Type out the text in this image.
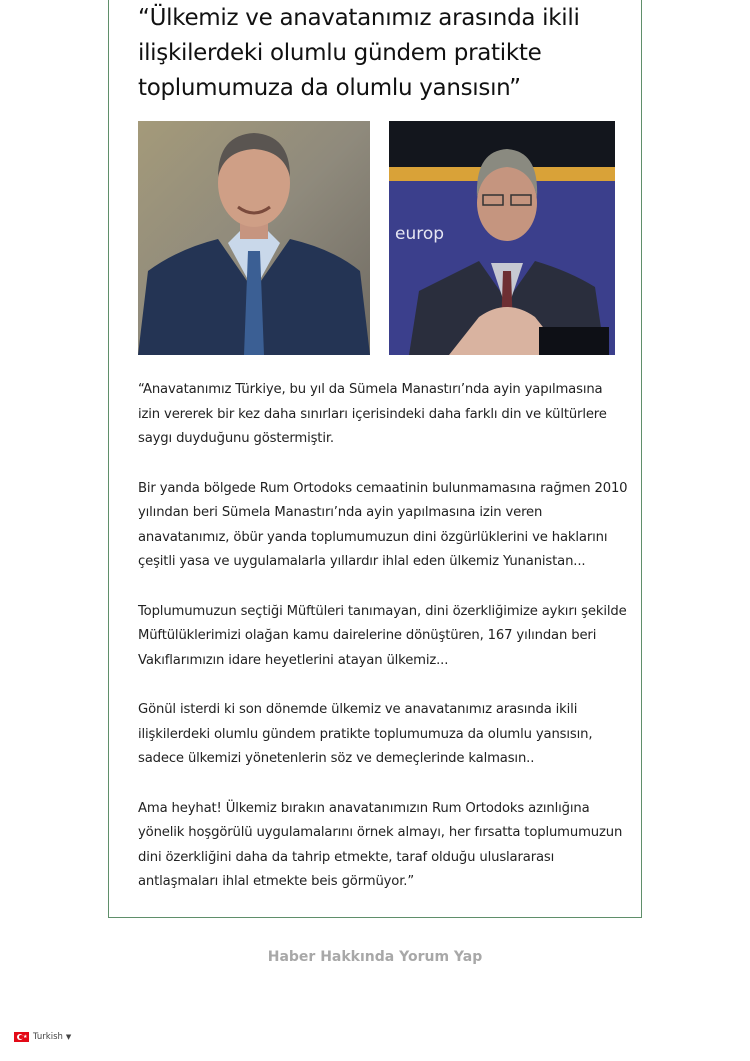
“Ülkemiz ve anavatanımız arasında ikili ilişkilerdeki olumlu gündem pratikte toplumumuza da olumlu yansısın”
europ

“Anavatanımız Türkiye, bu yıl da Sümela Manastırı’nda ayin yapılmasına izin vererek bir kez daha sınırları içerisindeki daha farklı din ve kültürlere saygı duyduğunu göstermiştir.

Bir yanda bölgede Rum Ortodoks cemaatinin bulunmamasına rağmen 2010 yılından beri Sümela Manastırı’nda ayin yapılmasına izin veren anavatanımız, öbür yanda toplumumuzun dini özgürlüklerini ve haklarını çeşitli yasa ve uygulamalarla yıllardır ihlal eden ülkemiz Yunanistan...

Toplumumuzun seçtiği Müftüleri tanımayan, dini özerkliğimize aykırı şekilde Müftülüklerimizi olağan kamu dairelerine dönüştüren, 167 yılından beri Vakıflarımızın idare heyetlerini atayan ülkemiz...

Gönül isterdi ki son dönemde ülkemiz ve anavatanımız arasında ikili ilişkilerdeki olumlu gündem pratikte toplumumuza da olumlu yansısın, sadece ülkemizi yönetenlerin söz ve demeçlerinde kalmasın..

Ama heyhat! Ülkemiz bırakın anavatanımızın Rum Ortodoks azınlığına yönelik hoşgörülü uygulamalarını örnek almayı, her fırsatta toplumumuzun dini özerkliğini daha da tahrip etmekte, taraf olduğu uluslararası antlaşmaları ihlal etmekte beis görmüyor.”

Haber Hakkında Yorum Yap
★ Turkish ▼
